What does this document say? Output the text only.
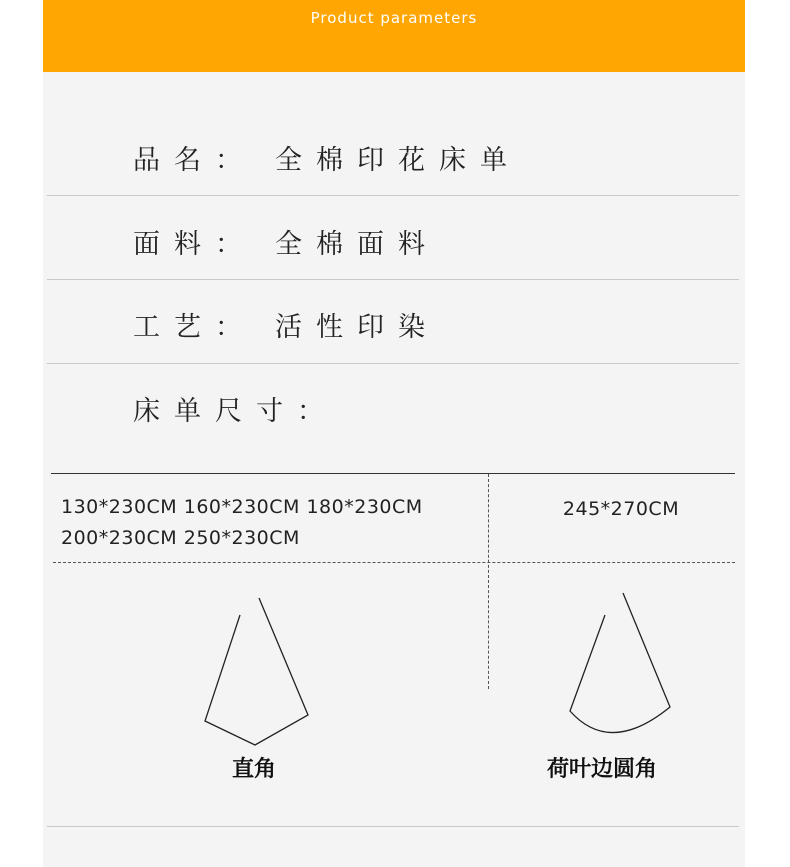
Product parameters
品名： 全棉印花床单
面料： 全棉面料
工艺： 活性印染
床单尺寸：
130*230CM 160*230CM 180*230CM
200*230CM 250*230CM
245*270CM
直角	荷叶边圆角
